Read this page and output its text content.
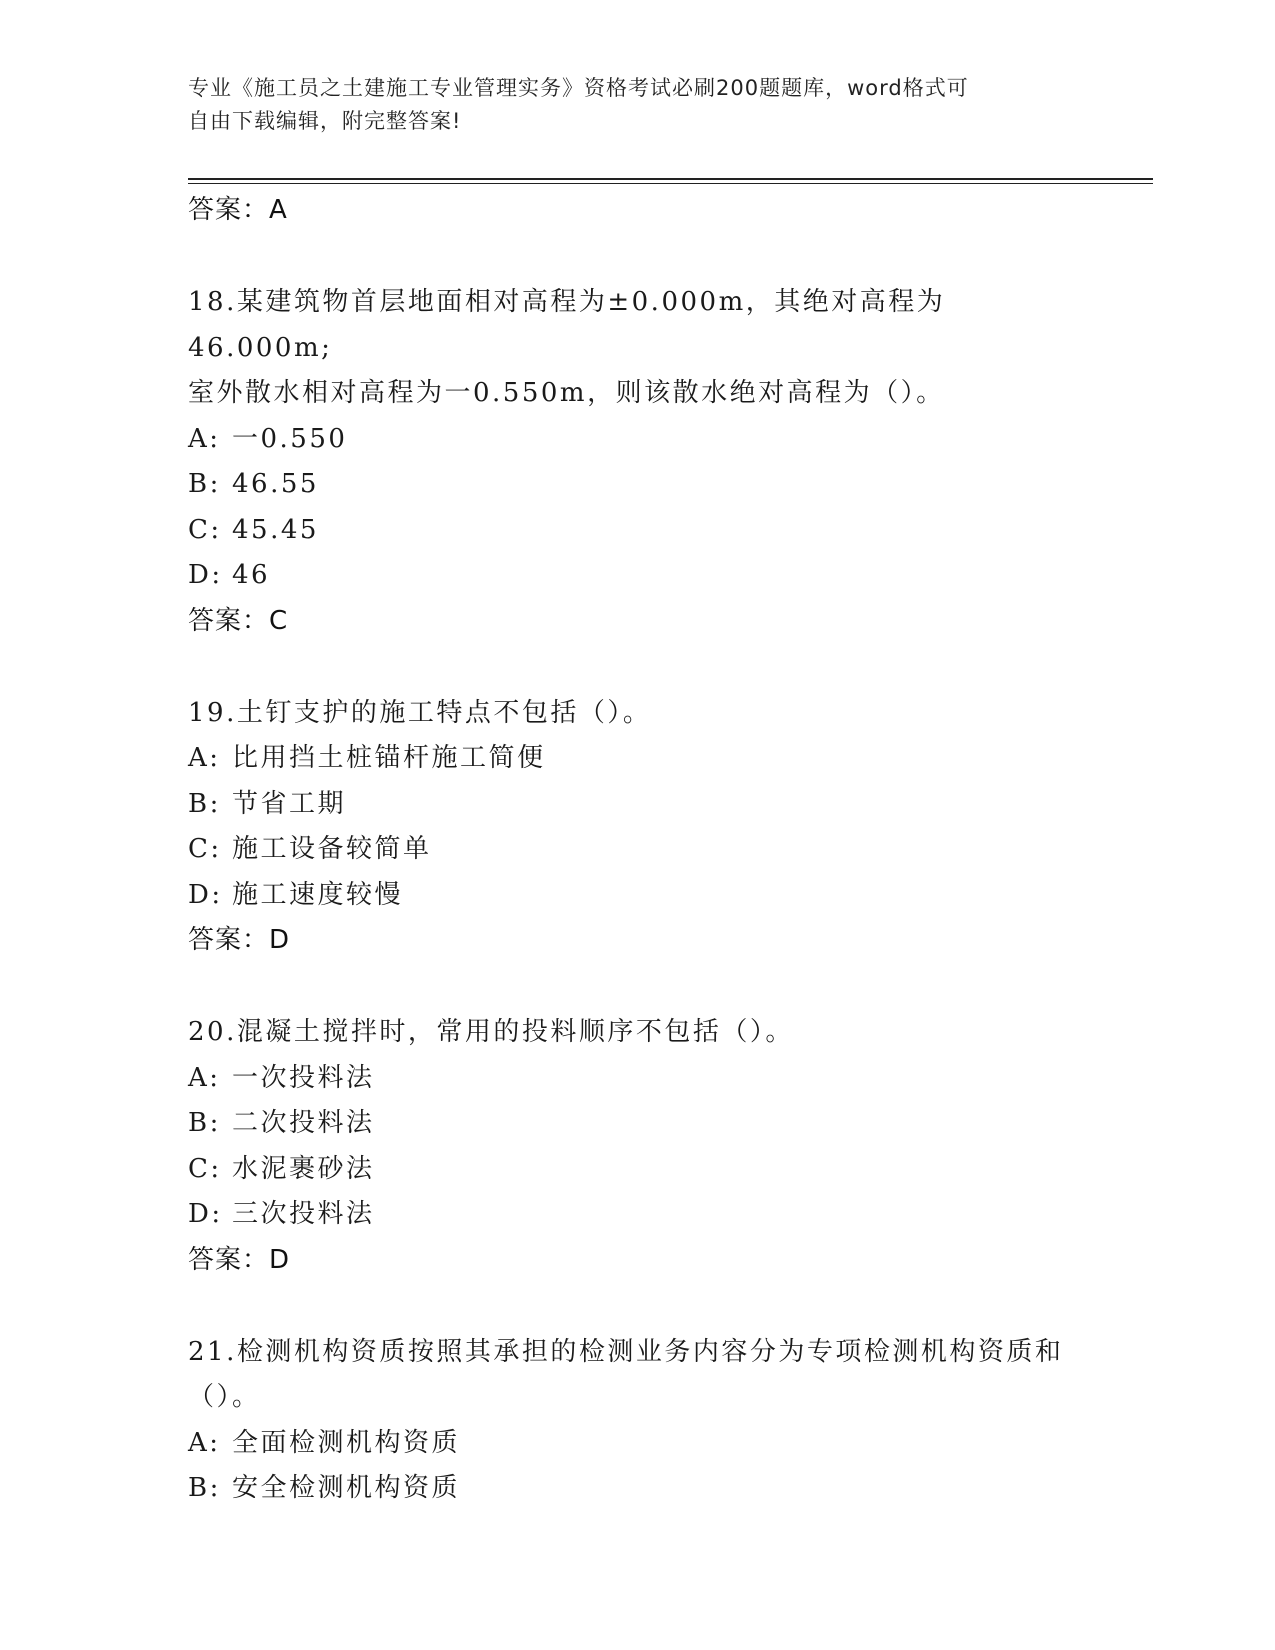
专业《施工员之土建施工专业管理实务》资格考试必刷200题题库，word格式可
自由下载编辑，附完整答案!
答案：A
18.某建筑物首层地面相对高程为±0.000m，其绝对高程为46.000m;
室外散水相对高程为一0.550m，则该散水绝对高程为（）。
A: 一0.550
B: 46.55
C: 45.45
D: 46
答案：C
19.土钉支护的施工特点不包括（）。
A: 比用挡土桩锚杆施工简便
B: 节省工期
C: 施工设备较简单
D: 施工速度较慢
答案：D
20.混凝土搅拌时，常用的投料顺序不包括（）。
A: 一次投料法
B: 二次投料法
C: 水泥裹砂法
D: 三次投料法
答案：D
21.检测机构资质按照其承担的检测业务内容分为专项检测机构资质和
（）。
A: 全面检测机构资质
B: 安全检测机构资质
